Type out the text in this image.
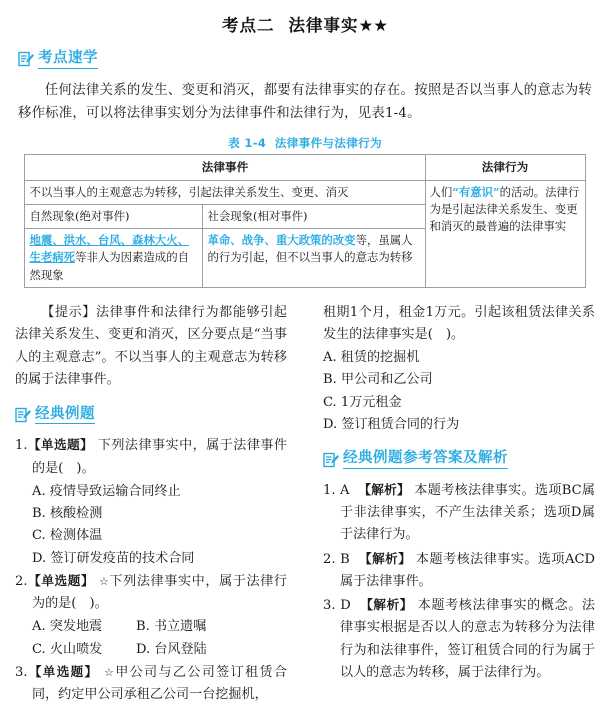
考点二 法律事实★★
考点速学

任何法律关系的发生、变更和消灭，都要有法律事实的存在。按照是否以当事人的意志为转移作标准，可以将法律事实划分为法律事件和法律行为，见表1-4。

表 1-4 法律事件与法律行为
法律事件		法律行为
不以当事人的主观意志为转移，引起法律关系发生、变更、消灭		人们“有意识”的活动。法律行为是引起法律关系发生、变更和消灭的最普遍的法律事实
自然现象(绝对事件)	社会现象(相对事件)	
地震、洪水、台风、森林大火、生老病死等非人为因素造成的自然现象	革命、战争、重大政策的改变等，虽属人的行为引起，但不以当事人的意志为转移	

【提示】法律事件和法律行为都能够引起法律关系发生、变更和消灭，区分要点是“当事人的主观意志”。不以当事人的主观意志为转移的属于法律事件。

经典例题

1.【单选题】 下列法律事实中，属于法律事件的是(　)。

A. 疫情导致运输合同终止
B. 核酸检测
C. 检测体温
D. 签订研发疫苗的技术合同

2.【单选题】 ☆下列法律事实中，属于法律行为的是(　)。

A. 突发地震	B. 书立遗嘱
C. 火山喷发	D. 台风登陆

3.【单选题】 ☆甲公司与乙公司签订租赁合同，约定甲公司承租乙公司一台挖掘机，

租期1个月，租金1万元。引起该租赁法律关系发生的法律事实是(　)。

A. 租赁的挖掘机
B. 甲公司和乙公司
C. 1万元租金
D. 签订租赁合同的行为
经典例题参考答案及解析

1. A 【解析】 本题考核法律事实。选项BC属于非法律事实，不产生法律关系；选项D属于法律行为。

2. B 【解析】 本题考核法律事实。选项ACD属于法律事件。

3. D 【解析】 本题考核法律事实的概念。法律事实根据是否以人的意志为转移分为法律行为和法律事件，签订租赁合同的行为属于以人的意志为转移，属于法律行为。
